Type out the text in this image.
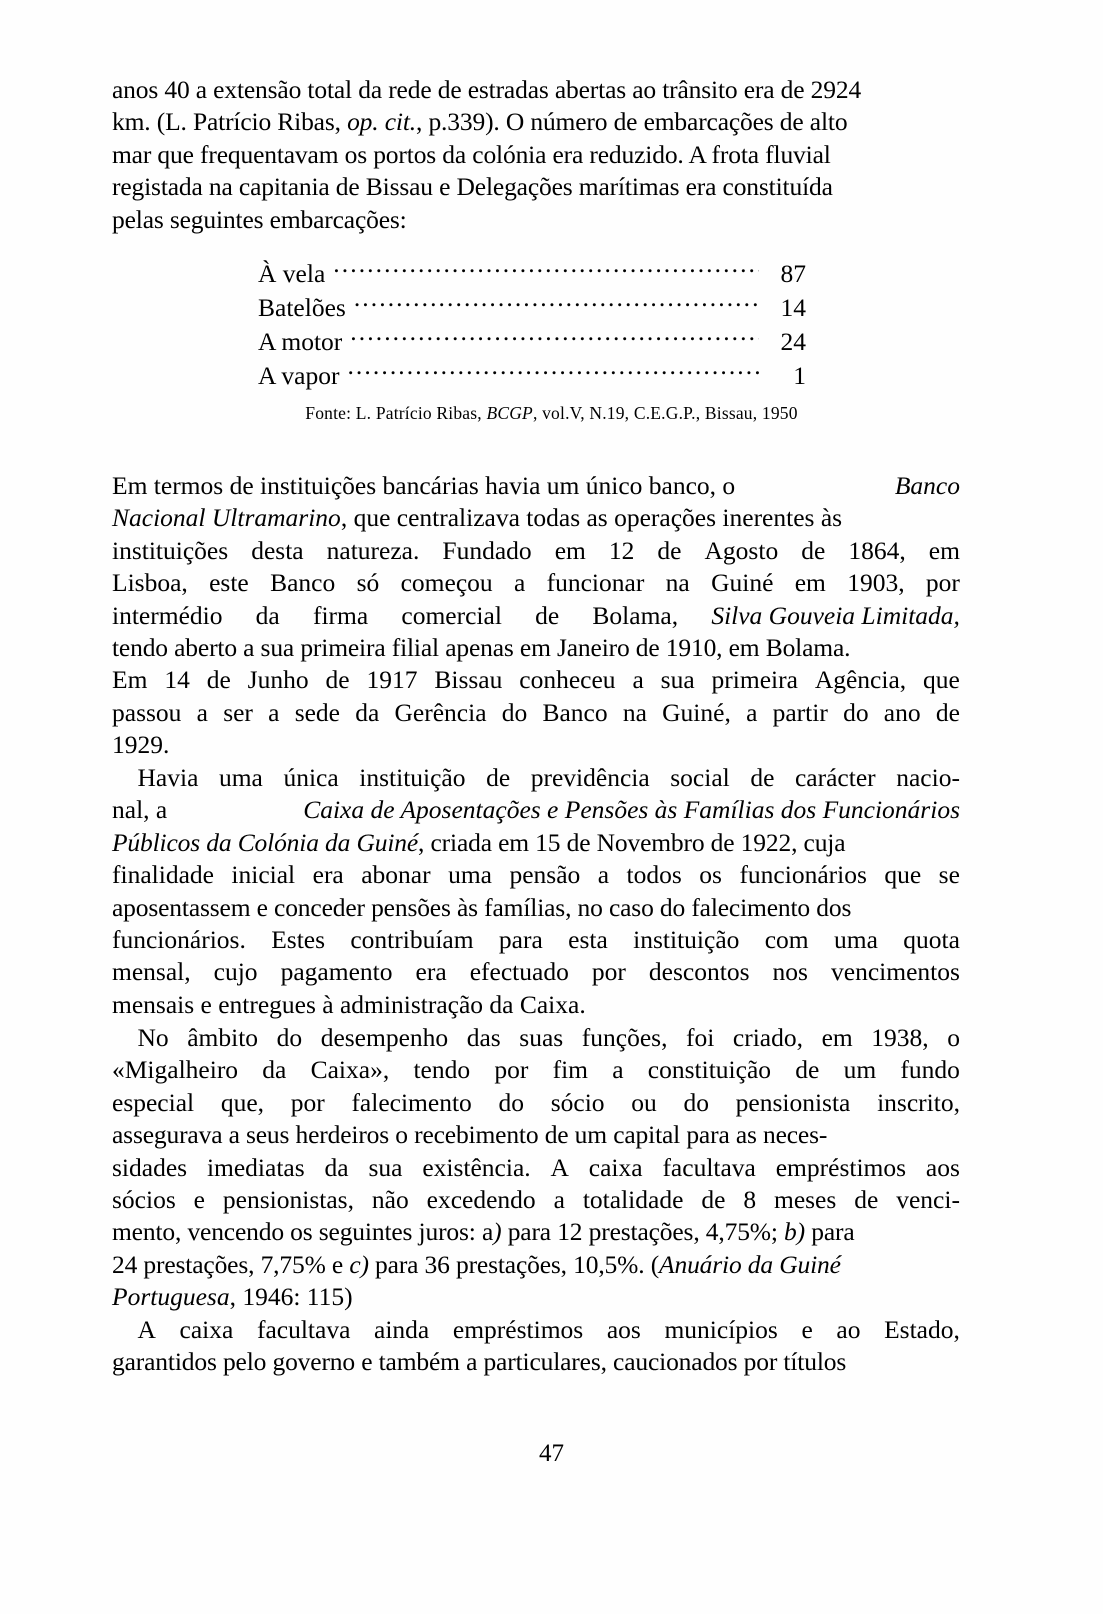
anos 40 a extensão total da rede de estradas abertas ao trânsito era de 2924
km. (L. Patrício Ribas, op. cit., p.339). O número de embarcações de alto
mar que frequentavam os portos da colónia era reduzido. A frota fluvial
registada na capitania de Bissau e Delegações marítimas era constituída
pelas seguintes embarcações:
À vela .....	87
Batelões .....	14
A motor .....	24
A vapor .....	1
Fonte: L. Patrício Ribas, BCGP, vol.V, N.19, C.E.G.P., Bissau, 1950
Em termos de instituições bancárias havia um único banco, o	Banco
Nacional Ultramarino, que centralizava todas as operações inerentes às
instituições desta natureza. Fundado em 12 de Agosto de 1864, em
Lisboa, este Banco só começou a funcionar na Guiné em 1903, por
intermédio da firma comercial de Bolama, Silva Gouveia Limitada,
tendo aberto a sua primeira filial apenas em Janeiro de 1910, em Bolama.
Em 14 de Junho de 1917 Bissau conheceu a sua primeira Agência, que
passou a ser a sede da Gerência do Banco na Guiné, a partir do ano de
1929.
Havia uma única instituição de previdência social de carácter nacio-
nal, a	Caixa de Aposentações e Pensões às Famílias dos Funcionários
Públicos da Colónia da Guiné, criada em 15 de Novembro de 1922, cuja
finalidade inicial era abonar uma pensão a todos os funcionários que se
aposentassem e conceder pensões às famílias, no caso do falecimento dos
funcionários. Estes contribuíam para esta instituição com uma quota
mensal, cujo pagamento era efectuado por descontos nos vencimentos
mensais e entregues à administração da Caixa.
No âmbito do desempenho das suas funções, foi criado, em 1938, o
«Migalheiro da Caixa», tendo por fim a constituição de um fundo
especial que, por falecimento do sócio ou do pensionista inscrito,
assegurava a seus herdeiros o recebimento de um capital para as neces-
sidades imediatas da sua existência. A caixa facultava empréstimos aos
sócios e pensionistas, não excedendo a totalidade de 8 meses de venci-
mento, vencendo os seguintes juros: a) para 12 prestações, 4,75%; b) para
24 prestações, 7,75% e c) para 36 prestações, 10,5%. (Anuário da Guiné
Portuguesa, 1946: 115)
A caixa facultava ainda empréstimos aos municípios e ao Estado,
garantidos pelo governo e também a particulares, caucionados por títulos
47
